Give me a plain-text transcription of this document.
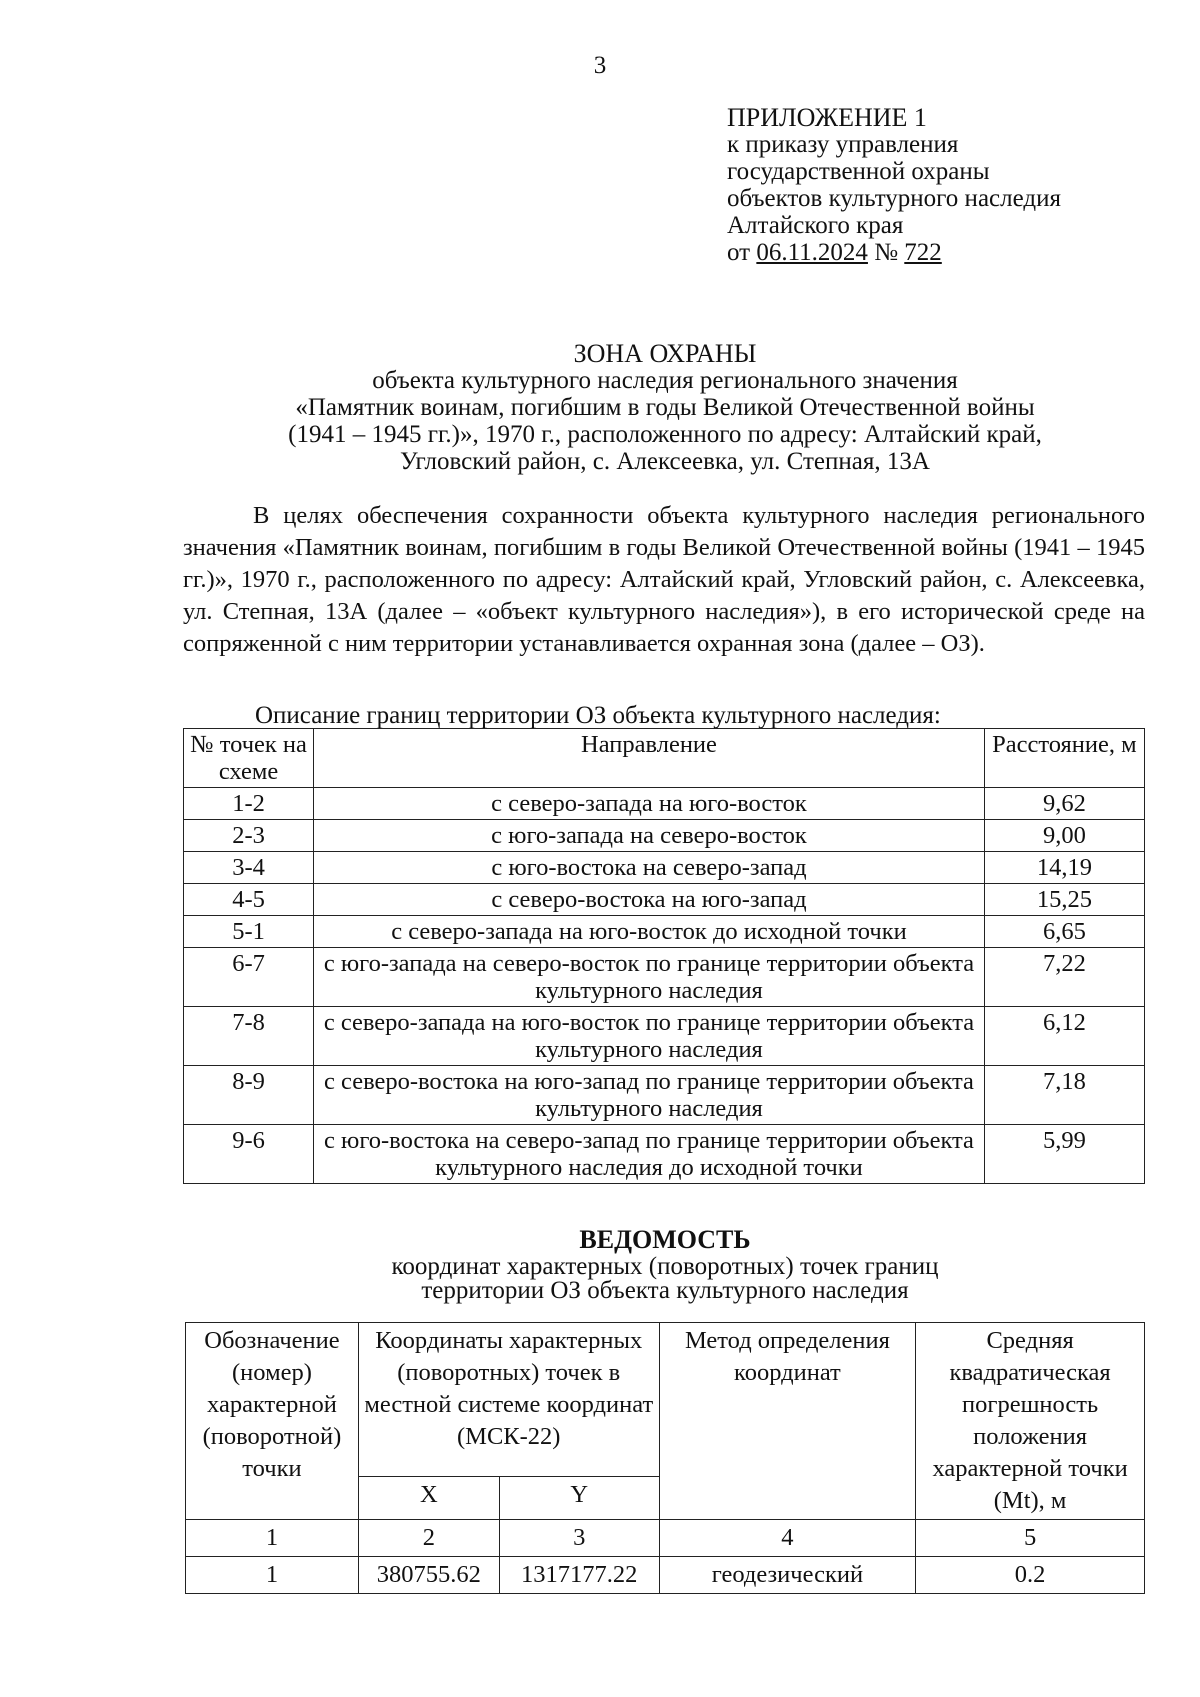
3
ПРИЛОЖЕНИЕ 1
к приказу управления
государственной охраны
объектов культурного наследия
Алтайского края
от 06.11.2024 № 722
ЗОНА ОХРАНЫ
объекта культурного наследия регионального значения
«Памятник воинам, погибшим в годы Великой Отечественной войны
(1941 – 1945 гг.)», 1970 г., расположенного по адресу: Алтайский край,
Угловский район, с. Алексеевка, ул. Степная, 13А

В целях обеспечения сохранности объекта культурного наследия регионального значения «Памятник воинам, погибшим в годы Великой Отечественной войны (1941 – 1945 гг.)», 1970 г., расположенного по адресу: Алтайский край, Угловский район, с. Алексеевка, ул. Степная, 13А (далее – «объект культурного наследия»), в его исторической среде на сопряженной с ним территории устанавливается охранная зона (далее – ОЗ).

Описание границ территории ОЗ объекта культурного наследия:
№ точек на схеме	Направление	Расстояние, м
1-2	с северо-запада на юго-восток	9,62
2-3	с юго-запада на северо-восток	9,00
3-4	с юго-востока на северо-запад	14,19
4-5	с северо-востока на юго-запад	15,25
5-1	с северо-запада на юго-восток до исходной точки	6,65
6-7	с юго-запада на северо-восток по границе территории объекта культурного наследия	7,22
7-8	с северо-запада на юго-восток по границе территории объекта культурного наследия	6,12
8-9	с северо-востока на юго-запад по границе территории объекта культурного наследия	7,18
9-6	с юго-востока на северо-запад по границе территории объекта культурного наследия до исходной точки	5,99
ВЕДОМОСТЬ
координат характерных (поворотных) точек границ
территории ОЗ объекта культурного наследия
Обозначение (номер) характерной (поворотной) точки	Координаты характерных (поворотных) точек в местной системе координат (МСК-22)		Метод определения координат	Средняя квадратическая погрешность положения характерной точки (Mt), м
	X	Y		
1	2	3	4	5
1	380755.62	1317177.22	геодезический	0.2
